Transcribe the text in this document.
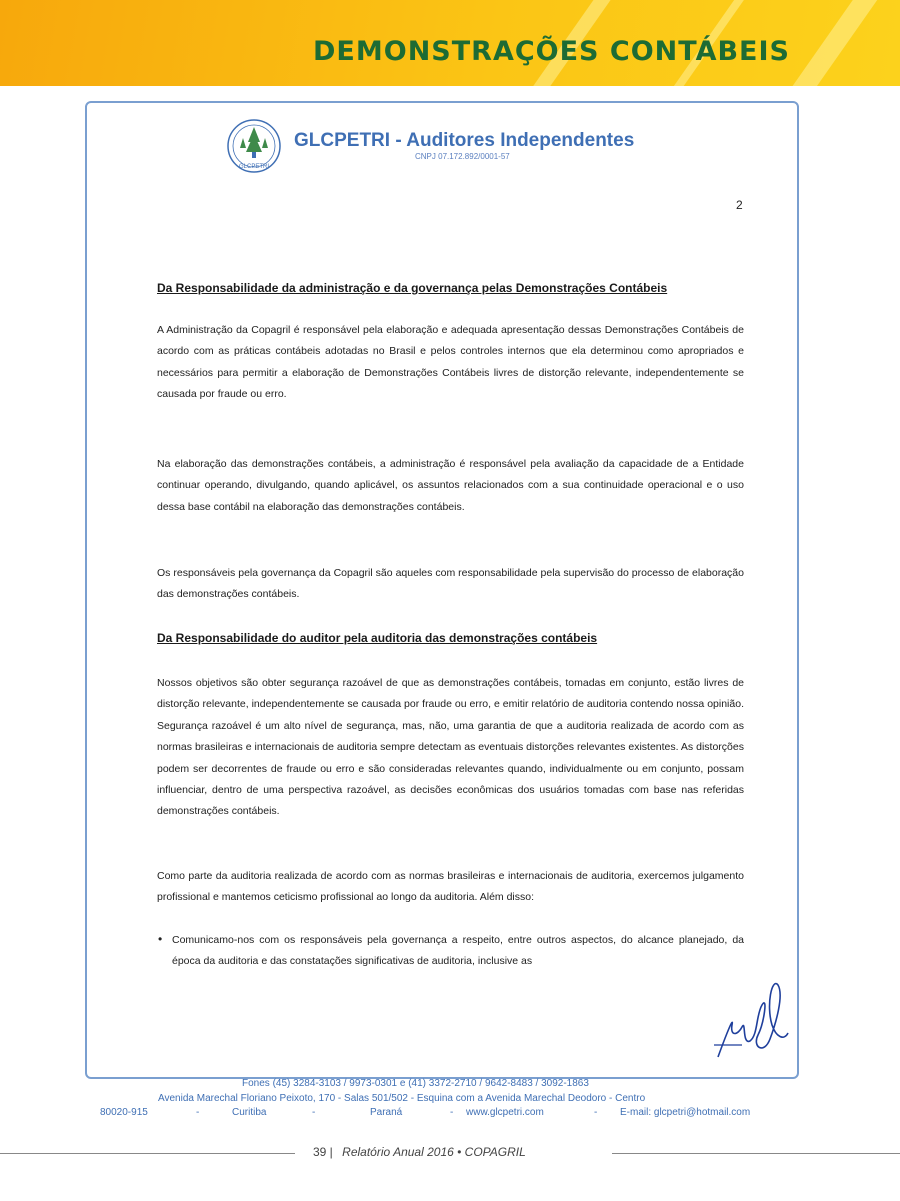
DEMONSTRAÇÕES CONTÁBEIS
GLCPETRI
GLCPETRI - Auditores Independentes
CNPJ 07.172.892/0001-57
2
Da Responsabilidade da administração e da governança pelas Demonstrações Contábeis

A Administração da Copagril é responsável pela elaboração e adequada apresentação dessas Demonstrações Contábeis de acordo com as práticas contábeis adotadas no Brasil e pelos controles internos que ela determinou como apropriados e necessários para permitir a elaboração de Demonstrações Contábeis livres de distorção relevante, independentemente se causada por fraude ou erro.

Na elaboração das demonstrações contábeis, a administração é responsável pela avaliação da capacidade de a Entidade continuar operando, divulgando, quando aplicável, os assuntos relacionados com a sua continuidade operacional e o uso dessa base contábil na elaboração das demonstrações contábeis.

Os responsáveis pela governança da Copagril são aqueles com responsabilidade pela supervisão do processo de elaboração das demonstrações contábeis.

Da Responsabilidade do auditor pela auditoria das demonstrações contábeis

Nossos objetivos são obter segurança razoável de que as demonstrações contábeis, tomadas em conjunto, estão livres de distorção relevante, independentemente se causada por fraude ou erro, e emitir relatório de auditoria contendo nossa opinião. Segurança razoável é um alto nível de segurança, mas, não, uma garantia de que a auditoria realizada de acordo com as normas brasileiras e internacionais de auditoria sempre detectam as eventuais distorções relevantes existentes. As distorções podem ser decorrentes de fraude ou erro e são consideradas relevantes quando, individualmente ou em conjunto, possam influenciar, dentro de uma perspectiva razoável, as decisões econômicas dos usuários tomadas com base nas referidas demonstrações contábeis.

Como parte da auditoria realizada de acordo com as normas brasileiras e internacionais de auditoria, exercemos julgamento profissional e mantemos ceticismo profissional ao longo da auditoria. Além disso:

• Comunicamo-nos com os responsáveis pela governança a respeito, entre outros aspectos, do alcance planejado, da época da auditoria e das constatações significativas de auditoria, inclusive as

Fones (45) 3284-3103 / 9973-0301 e (41) 3372-2710 / 9642-8483 / 3092-1863
Avenida Marechal Floriano Peixoto, 170 - Salas 501/502 - Esquina com a Avenida Marechal Deodoro - Centro
80020-915	-	Curitiba	-	Paraná	- www.glcpetri.com	- E-mail: glcpetri@hotmail.com
39 | Relatório Anual 2016 • COPAGRIL
